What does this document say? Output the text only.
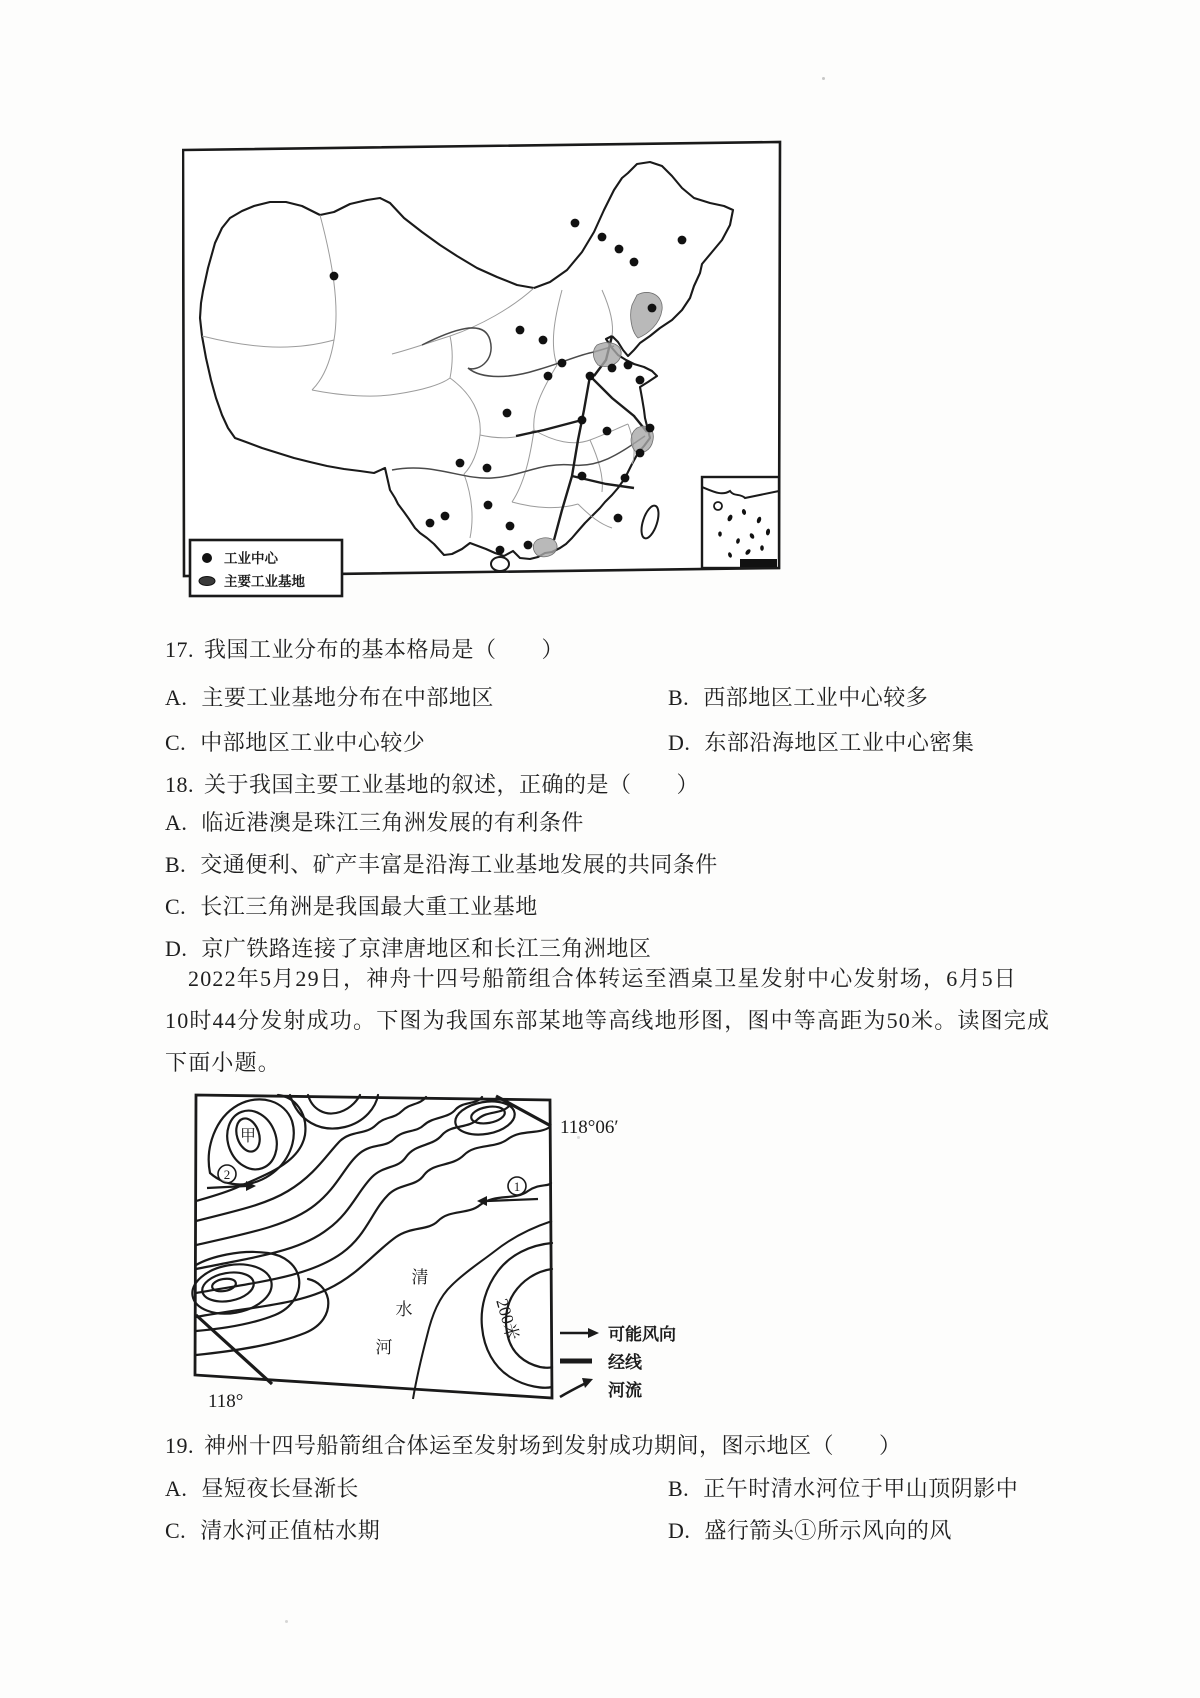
工业中心
主要工业基地
17. 我国工业分布的基本格局是（　　）
A. 主要工业基地分布在中部地区	B. 西部地区工业中心较多
C. 中部地区工业中心较少	D. 东部沿海地区工业中心密集
18. 关于我国主要工业基地的叙述，正确的是（　　）
A. 临近港澳是珠江三角洲发展的有利条件
B. 交通便利、矿产丰富是沿海工业基地发展的共同条件
C. 长江三角洲是我国最大重工业基地
D. 京广铁路连接了京津唐地区和长江三角洲地区
2022年5月29日，神舟十四号船箭组合体转运至酒桌卫星发射中心发射场，6月5日
10时44分发射成功。下图为我国东部某地等高线地形图，图中等高距为50米。读图完成
下面小题。
2
1
甲	118°06′
118°
200米
清
水
河
可能风向
经线
河流
19. 神州十四号船箭组合体运至发射场到发射成功期间，图示地区（　　）
A. 昼短夜长昼渐长	B. 正午时清水河位于甲山顶阴影中
C. 清水河正值枯水期	D. 盛行箭头①所示风向的风
